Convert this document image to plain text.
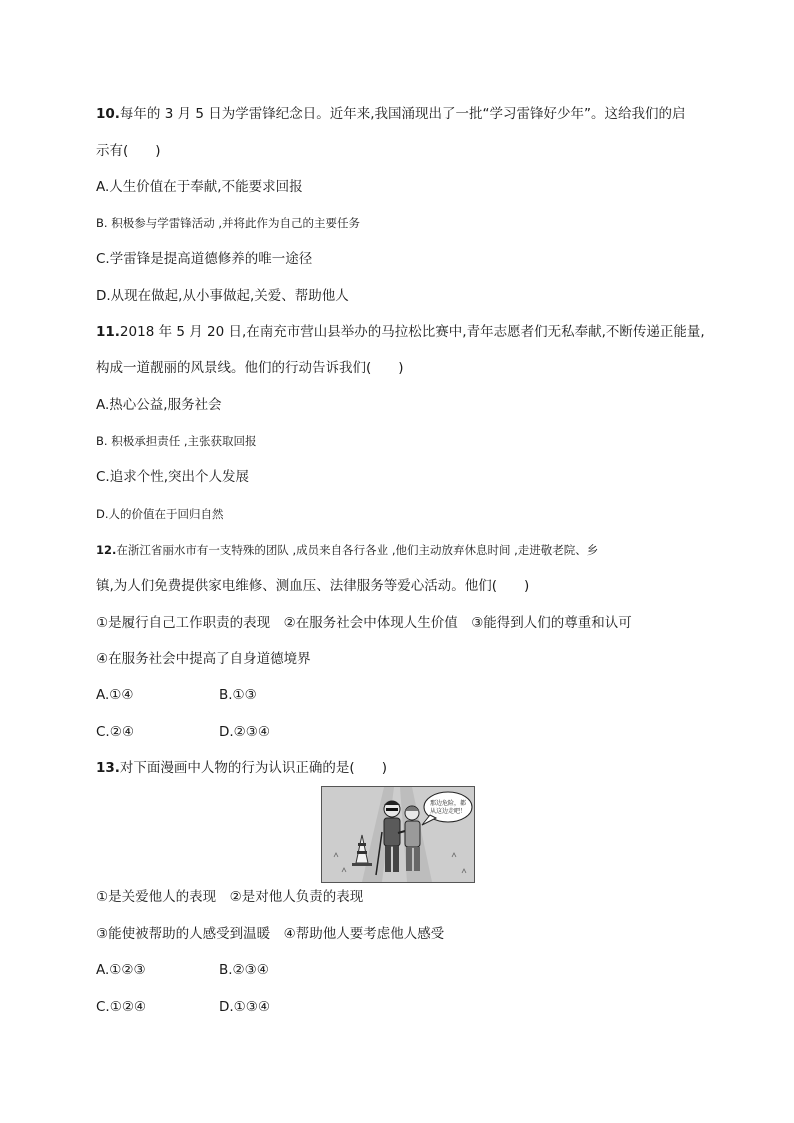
10.每年的 3 月 5 日为学雷锋纪念日。近年来,我国涌现出了一批“学习雷锋好少年”。这给我们的启
示有(　　)
A.人生价值在于奉献,不能要求回报
B. 积极参与学雷锋活动 ,并将此作为自己的主要任务
C.学雷锋是提高道德修养的唯一途径
D.从现在做起,从小事做起,关爱、帮助他人
11.2018 年 5 月 20 日,在南充市营山县举办的马拉松比赛中,青年志愿者们无私奉献,不断传递正能量,
构成一道靓丽的风景线。他们的行动告诉我们(　　)
A.热心公益,服务社会
B. 积极承担责任 ,主张获取回报
C.追求个性,突出个人发展
D.人的价值在于回归自然
12.在浙江省丽水市有一支特殊的团队 ,成员来自各行各业 ,他们主动放弃休息时间 ,走进敬老院、乡
镇,为人们免费提供家电维修、测血压、法律服务等爱心活动。他们(　　)
①是履行自己工作职责的表现　②在服务社会中体现人生价值　③能得到人们的尊重和认可
④在服务社会中提高了自身道德境界
A.①④	B.①③
C.②④	D.②③④
13.对下面漫画中人物的行为认识正确的是(　　)
那边危险，都
从这边走吧！
①是关爱他人的表现　②是对他人负责的表现
③能使被帮助的人感受到温暖　④帮助他人要考虑他人感受
A.①②③	B.②③④
C.①②④	D.①③④
